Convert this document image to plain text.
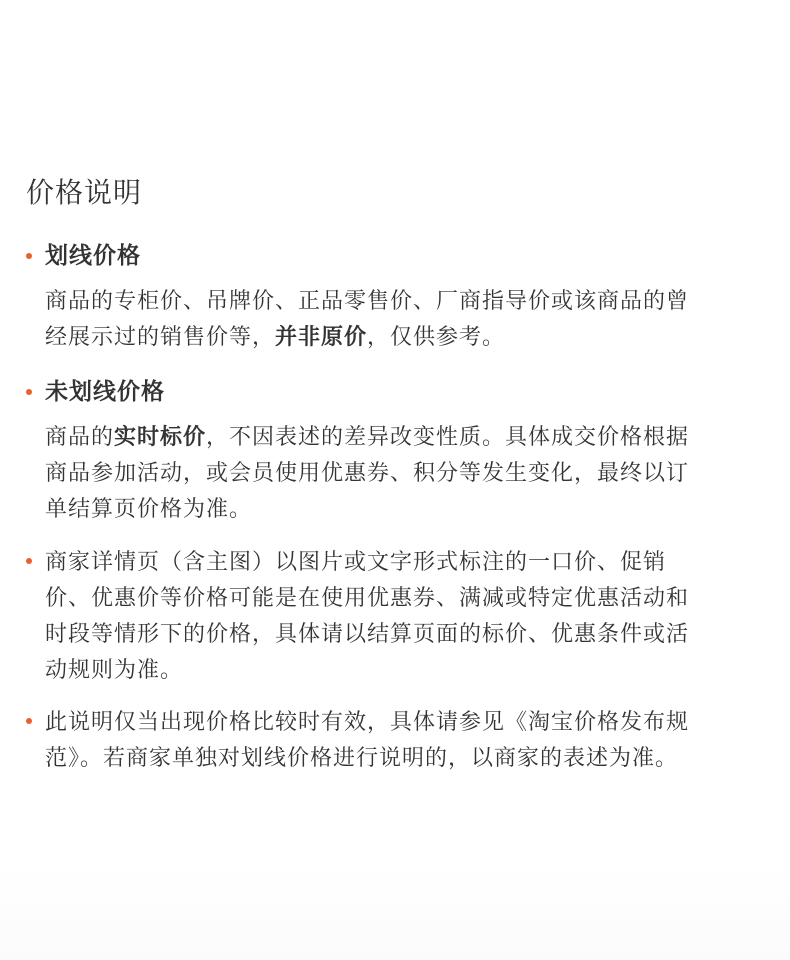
价格说明
划线价格
商品的专柜价、吊牌价、正品零售价、厂商指导价或该商品的曾
经展示过的销售价等，并非原价，仅供参考。
未划线价格
商品的实时标价，不因表述的差异改变性质。具体成交价格根据
商品参加活动，或会员使用优惠券、积分等发生变化，最终以订
单结算页价格为准。
商家详情页（含主图）以图片或文字形式标注的一口价、促销
价、优惠价等价格可能是在使用优惠券、满减或特定优惠活动和
时段等情形下的价格，具体请以结算页面的标价、优惠条件或活
动规则为准。
此说明仅当出现价格比较时有效，具体请参见《淘宝价格发布规
范》。若商家单独对划线价格进行说明的，以商家的表述为准。
